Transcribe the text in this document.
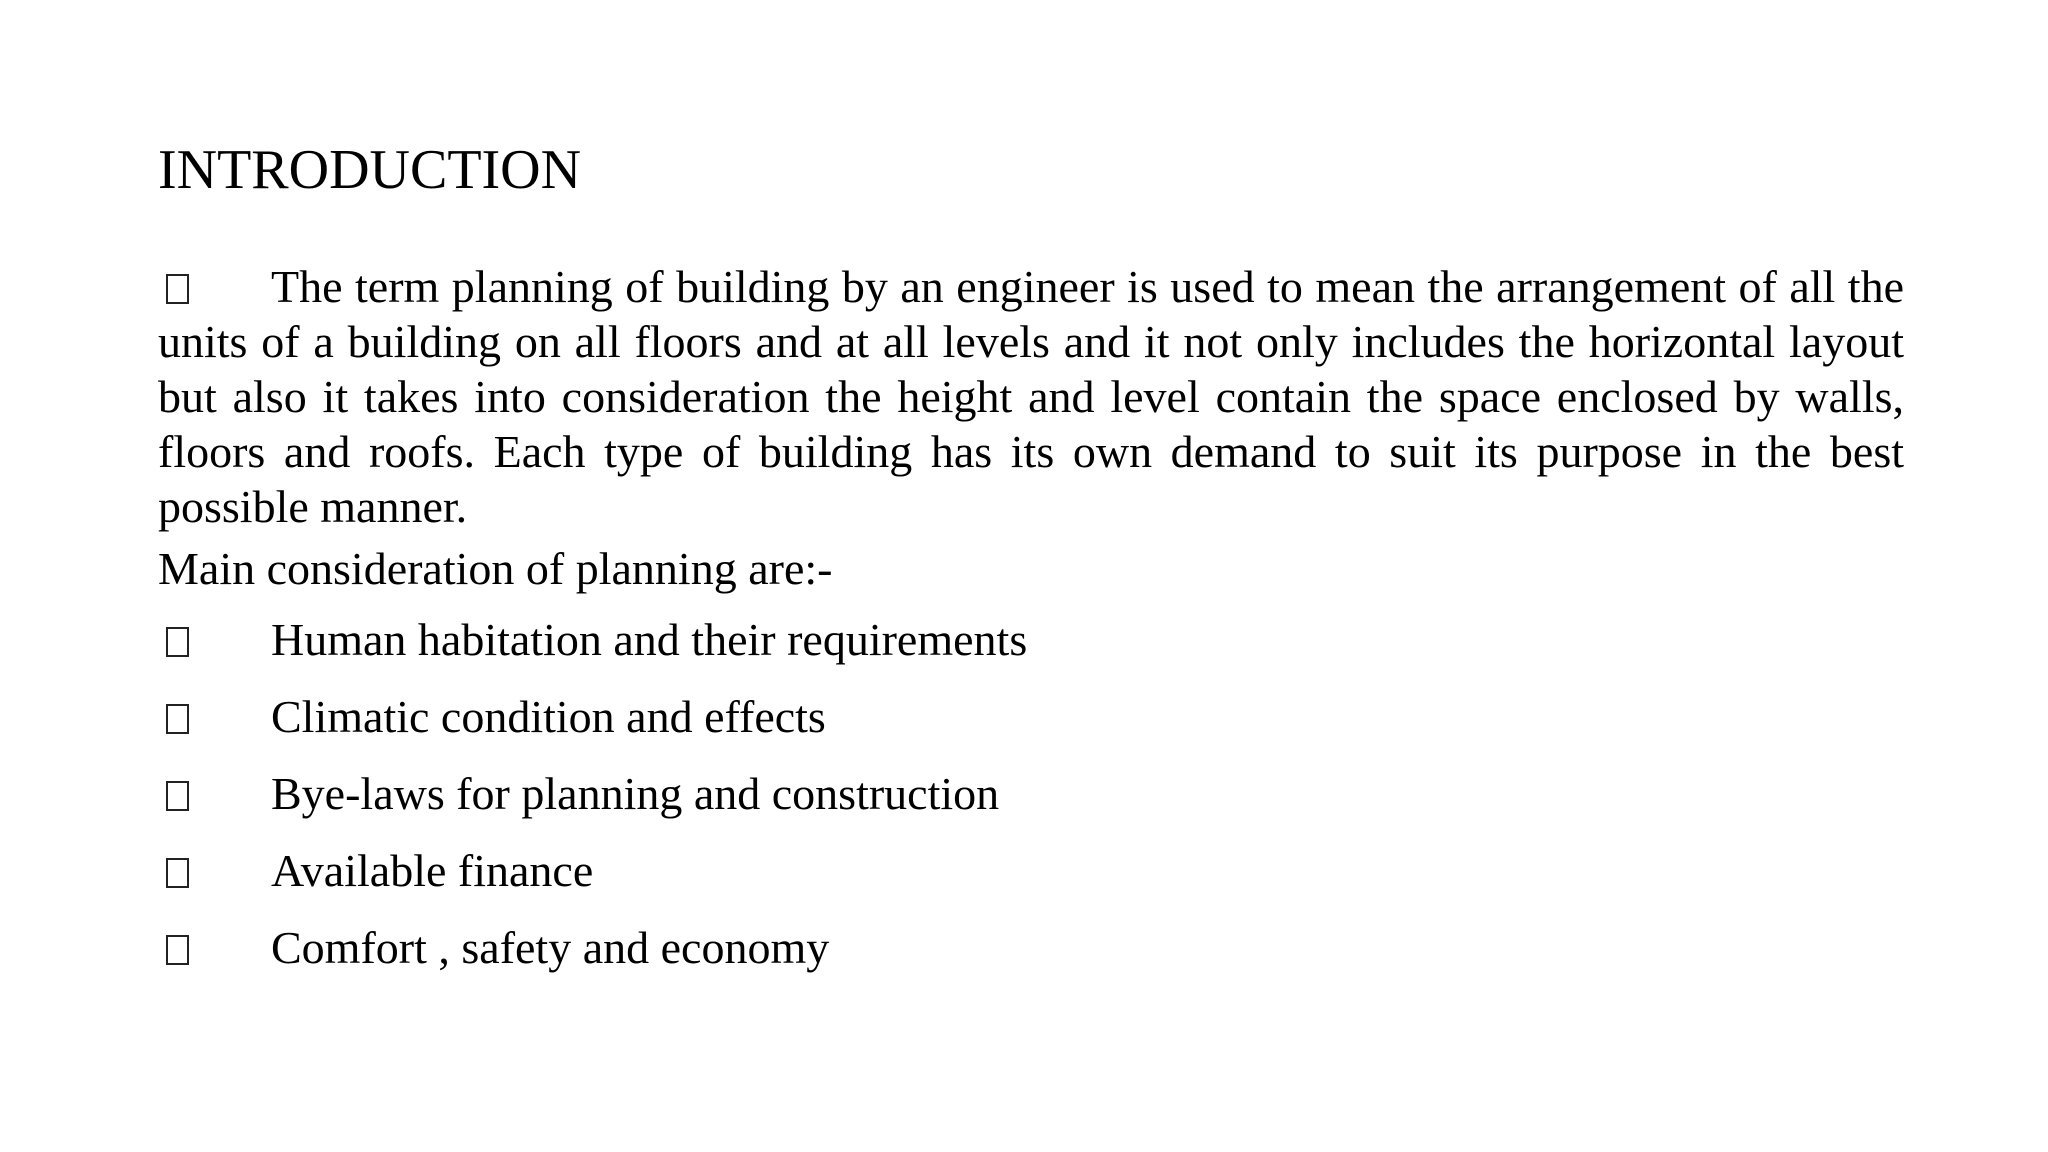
INTRODUCTION
The term planning of building by an engineer is used to mean the arrangement of all the units of a building on all floors and at all levels and it not only includes the horizontal layout but also it takes into consideration the height and level contain the space enclosed by walls, floors and roofs. Each type of building has its own demand to suit its purpose in the best possible manner.
Main consideration of planning are:-
Human habitation and their requirements
Climatic condition and effects
Bye-laws for planning and construction
Available finance
Comfort , safety and economy
